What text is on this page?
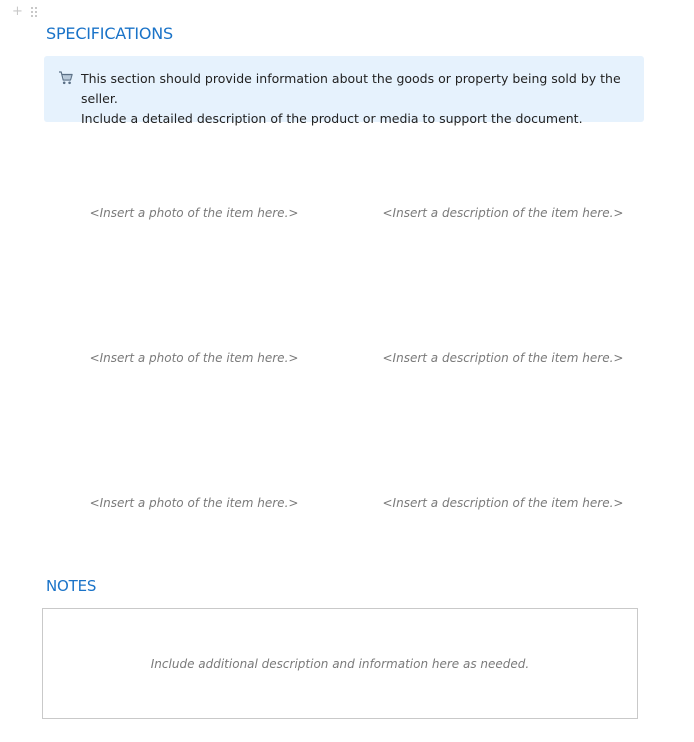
+
SPECIFICATIONS
This section should provide information about the goods or property being sold by the seller.
Include a detailed description of the product or media to support the document.
<Insert a photo of the item here.>	<Insert a description of the item here.>
<Insert a photo of the item here.>	<Insert a description of the item here.>
<Insert a photo of the item here.>	<Insert a description of the item here.>
NOTES
Include additional description and information here as needed.
